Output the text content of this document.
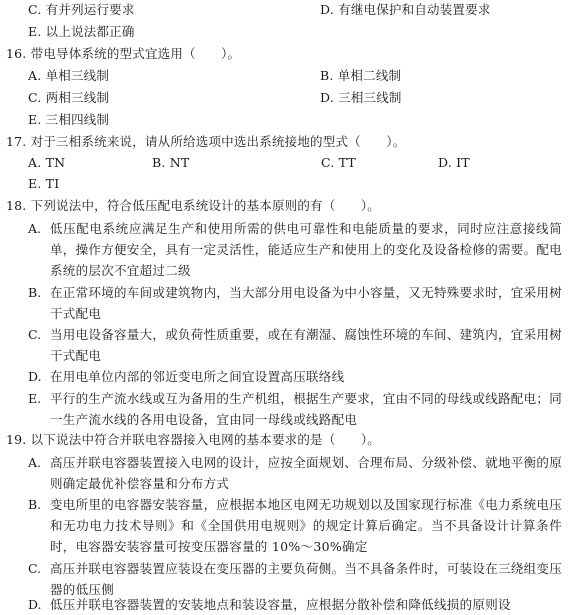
C. 有并列运行要求	D. 有继电保护和自动装置要求
E. 以上说法都正确
16. 带电导体系统的型式宜选用（　　）。
A. 单相三线制	B. 单相二线制
C. 两相三线制	D. 三相三线制
E. 三相四线制
17. 对于三相系统来说，请从所给选项中选出系统接地的型式（　　）。
A. TN	B. NT	C. TT	D. IT
E. TI
18. 下列说法中，符合低压配电系统设计的基本原则的有（　　）。
A. 低压配电系统应满足生产和使用所需的供电可靠性和电能质量的要求，同时应注意接线简单，操作方便安全，具有一定灵活性，能适应生产和使用上的变化及设备检修的需要。配电系统的层次不宜超过二级
B. 在正常环境的车间或建筑物内，当大部分用电设备为中小容量，又无特殊要求时，宜采用树干式配电
C. 当用电设备容量大，或负荷性质重要，或在有潮湿、腐蚀性环境的车间、建筑内，宜采用树干式配电
D. 在用电单位内部的邻近变电所之间宜设置高压联络线
E. 平行的生产流水线或互为备用的生产机组，根据生产要求，宜由不同的母线或线路配电；同一生产流水线的各用电设备，宜由同一母线或线路配电
19. 以下说法中符合并联电容器接入电网的基本要求的是（　　）。
A. 高压并联电容器装置接入电网的设计，应按全面规划、合理布局、分级补偿、就地平衡的原则确定最优补偿容量和分布方式
B. 变电所里的电容器安装容量，应根据本地区电网无功规划以及国家现行标准《电力系统电压和无功电力技术导则》和《全国供用电规则》的规定计算后确定。当不具备设计计算条件时，电容器安装容量可按变压器容量的 10%～30%确定
C. 高压并联电容器装置应装设在变压器的主要负荷侧。当不具备条件时，可装设在三绕组变压器的低压侧
D. 低压并联电容器装置的安装地点和装设容量，应根据分散补偿和降低线损的原则设
